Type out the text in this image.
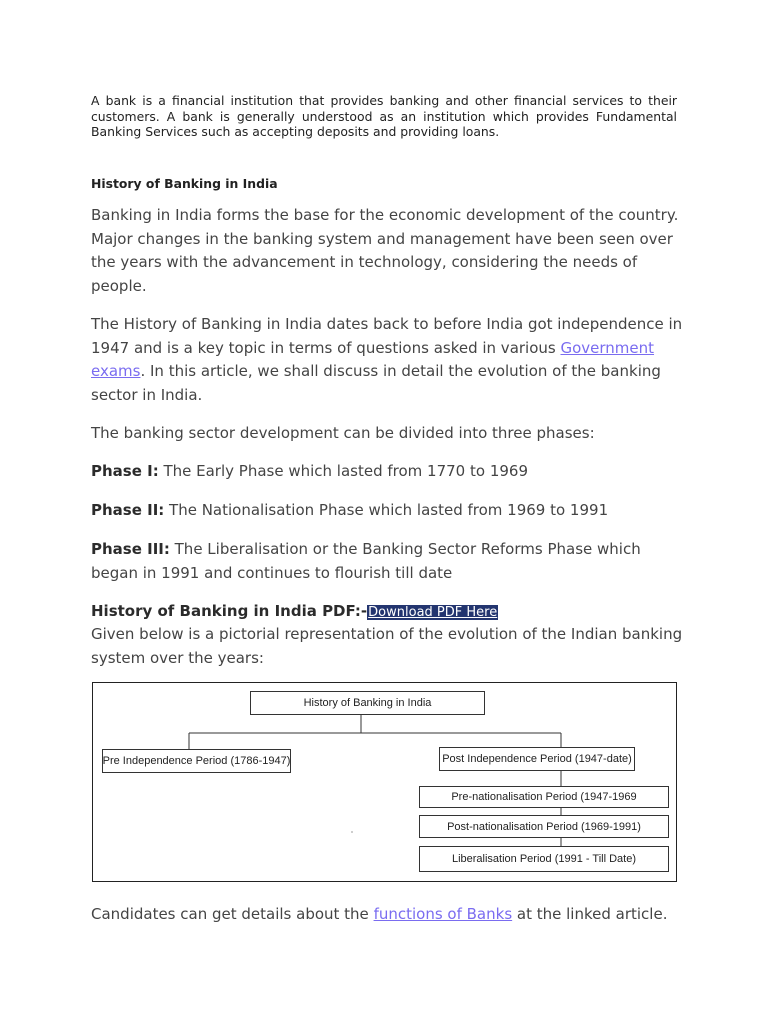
A bank is a financial institution that provides banking and other financial services to their customers. A bank is generally understood as an institution which provides Fundamental Banking Services such as accepting deposits and providing loans.

History of Banking in India

Banking in India forms the base for the economic development of the country. Major changes in the banking system and management have been seen over the years with the advancement in technology, considering the needs of people.

The History of Banking in India dates back to before India got independence in 1947 and is a key topic in terms of questions asked in various Government exams. In this article, we shall discuss in detail the evolution of the banking sector in India.

The banking sector development can be divided into three phases:

Phase I: The Early Phase which lasted from 1770 to 1969

Phase II: The Nationalisation Phase which lasted from 1969 to 1991

Phase III: The Liberalisation or the Banking Sector Reforms Phase which began in 1991 and continues to flourish till date

History of Banking in India PDF:-Download PDF Here

Given below is a pictorial representation of the evolution of the Indian banking system over the years:

History of Banking in India
Pre Independence Period (1786-1947)	Post Independence Period (1947-date)
Pre-nationalisation Period (1947-1969
Post-nationalisation Period (1969-1991)
Liberalisation Period (1991 - Till Date)

Candidates can get details about the functions of Banks at the linked article.
